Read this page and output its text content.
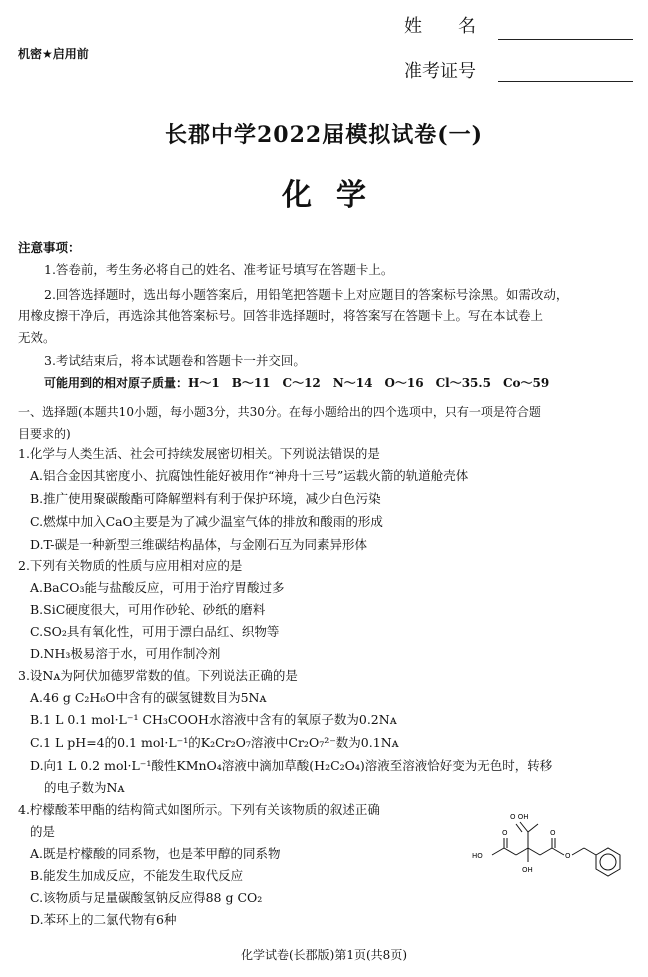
机密★启用前
姓　　名
准考证号
长郡中学2022届模拟试卷(一)
化学
注意事项：
1.答卷前，考生务必将自己的姓名、准考证号填写在答题卡上。
2.回答选择题时，选出每小题答案后，用铅笔把答题卡上对应题目的答案标号涂黑。如需改动，
用橡皮擦干净后，再选涂其他答案标号。回答非选择题时，将答案写在答题卡上。写在本试卷上
无效。
3.考试结束后，将本试题卷和答题卡一并交回。
可能用到的相对原子质量：H～1　B～11　C～12　N～14　O～16　Cl～35.5　Co～59
一、选择题(本题共10小题，每小题3分，共30分。在每小题给出的四个选项中，只有一项是符合题
目要求的)
1.化学与人类生活、社会可持续发展密切相关。下列说法错误的是
A.铝合金因其密度小、抗腐蚀性能好被用作“神舟十三号”运载火箭的轨道舱壳体
B.推广使用聚碳酸酯可降解塑料有利于保护环境，减少白色污染
C.燃煤中加入CaO主要是为了减少温室气体的排放和酸雨的形成
D.T-碳是一种新型三维碳结构晶体，与金刚石互为同素异形体
2.下列有关物质的性质与应用相对应的是
A.BaCO₃能与盐酸反应，可用于治疗胃酸过多
B.SiC硬度很大，可用作砂轮、砂纸的磨料
C.SO₂具有氧化性，可用于漂白品红、织物等
D.NH₃极易溶于水，可用作制冷剂
3.设Nᴀ为阿伏加德罗常数的值。下列说法正确的是
A.46 g C₂H₆O中含有的碳氢键数目为5Nᴀ
B.1 L 0.1 mol·L⁻¹ CH₃COOH水溶液中含有的氧原子数为0.2Nᴀ
C.1 L pH=4的0.1 mol·L⁻¹的K₂Cr₂O₇溶液中Cr₂O₇²⁻数为0.1Nᴀ
D.向1 L 0.2 mol·L⁻¹酸性KMnO₄溶液中滴加草酸(H₂C₂O₄)溶液至溶液恰好变为无色时，转移
的电子数为Nᴀ
4.柠檬酸苯甲酯的结构简式如图所示。下列有关该物质的叙述正确
的是
A.既是柠檬酸的同系物，也是苯甲醇的同系物
B.能发生加成反应，不能发生取代反应
C.该物质与足量碳酸氢钠反应得88 g CO₂
D.苯环上的二氯代物有6种
O OH
HO
O
OH
O
O
化学试卷(长郡版)第1页(共8页)
